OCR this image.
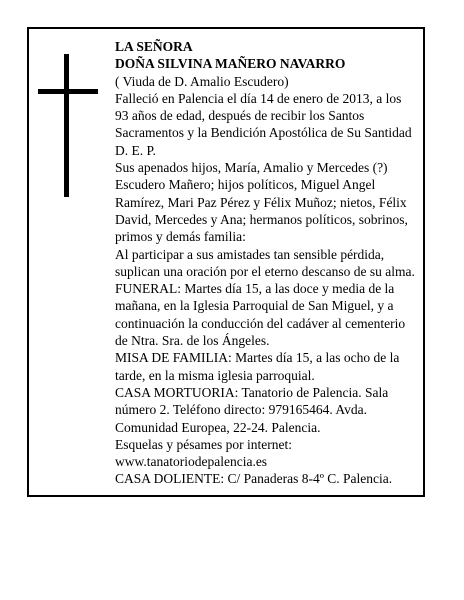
LA SEÑORA

DOÑA SILVINA MAÑERO NAVARRO

( Viuda de D. Amalio Escudero)

Falleció en Palencia el día 14 de enero de 2013, a los 93 años de edad, después de recibir los Santos Sacramentos y la Bendición Apostólica de Su Santidad

D. E. P.

Sus apenados hijos, María, Amalio y Mercedes (?) Escudero Mañero; hijos políticos, Miguel Angel Ramírez, Mari Paz Pérez y Félix Muñoz; nietos, Félix David, Mercedes y Ana; hermanos políticos, sobrinos, primos y demás familia:

Al participar a sus amistades tan sensible pérdida, suplican una oración por el eterno descanso de su alma.

FUNERAL: Martes día 15, a las doce y media de la mañana, en la Iglesia Parroquial de San Miguel, y a continuación la conducción del cadáver al cementerio de Ntra. Sra. de los Ángeles.

MISA DE FAMILIA: Martes día 15, a las ocho de la tarde, en la misma iglesia parroquial.

CASA MORTUORIA: Tanatorio de Palencia. Sala número 2. Teléfono directo: 979165464. Avda. Comunidad Europea, 22-24. Palencia.

Esquelas y pésames por internet:

www.tanatoriodepalencia.es

CASA DOLIENTE: C/ Panaderas 8-4º C. Palencia.
